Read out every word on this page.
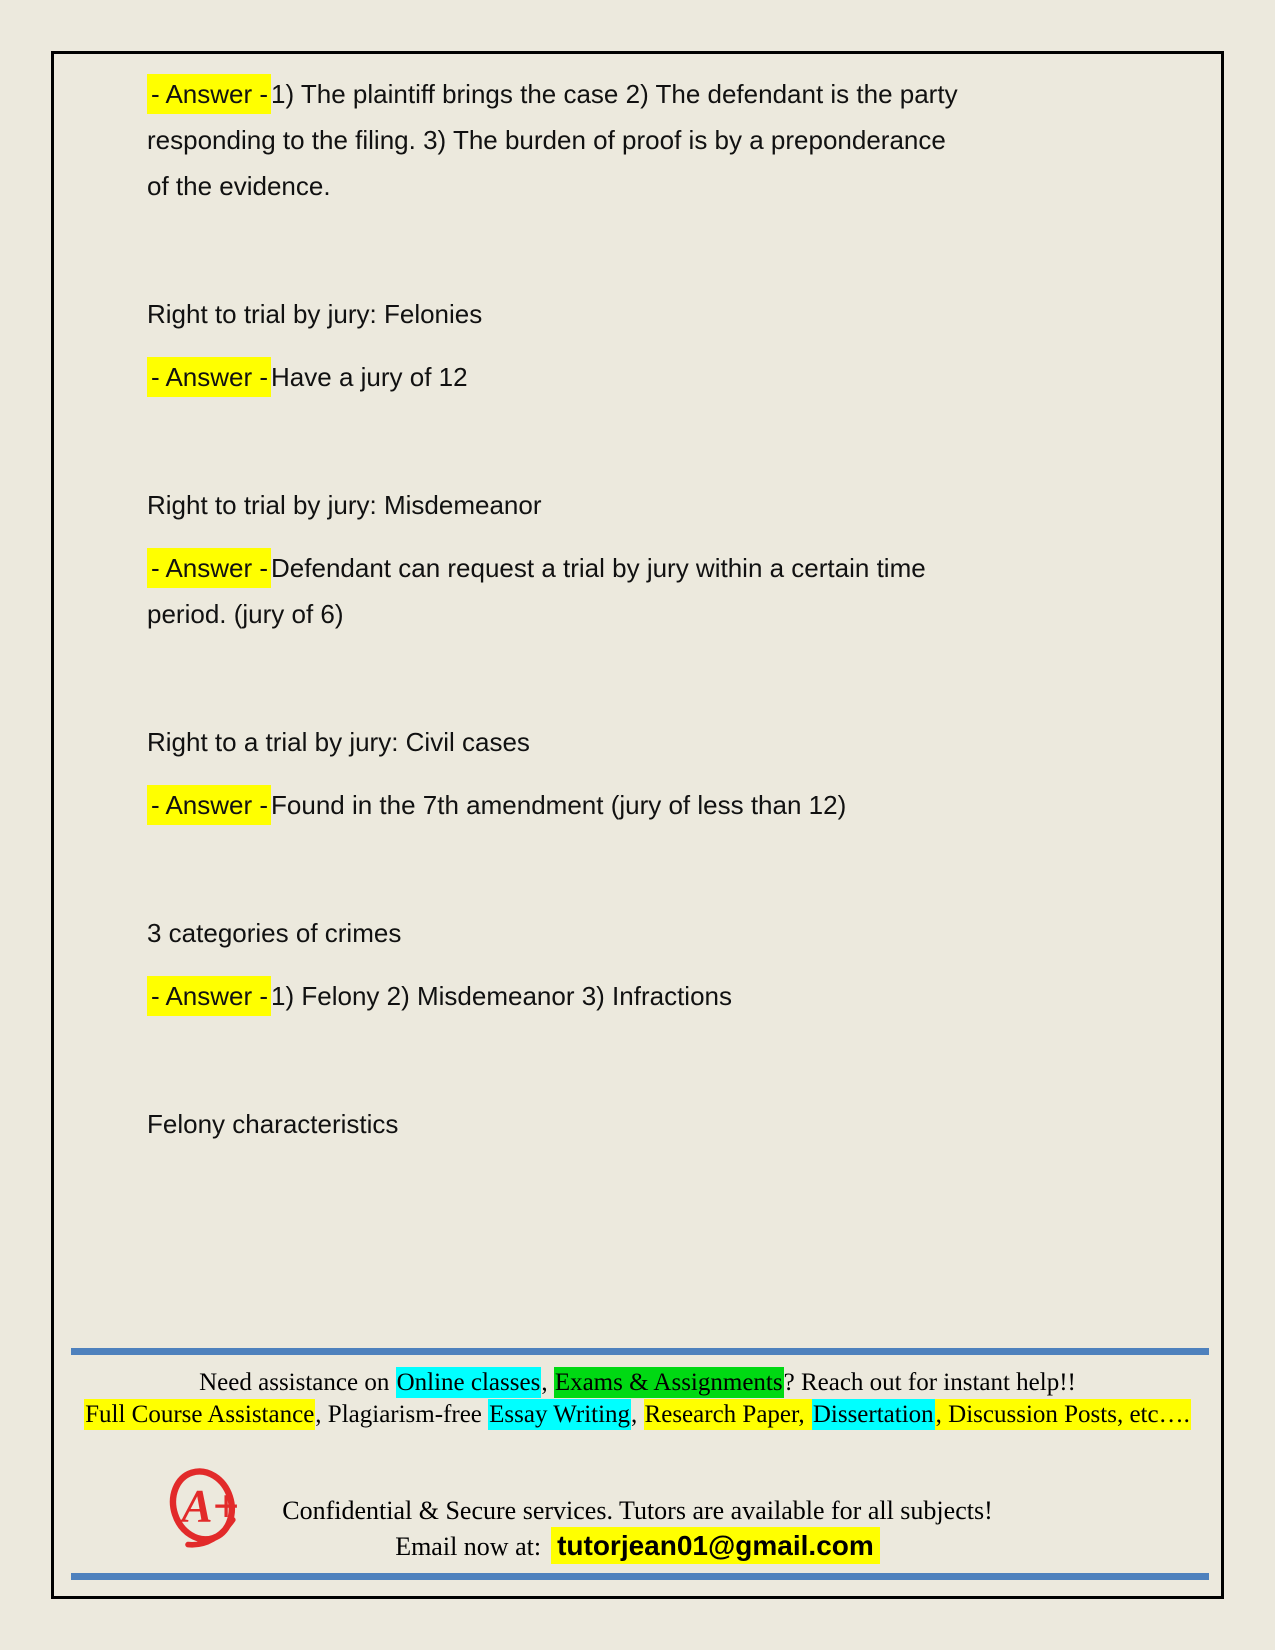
- Answer - 1) The plaintiff brings the case 2) The defendant is the party
responding to the filing. 3) The burden of proof is by a preponderance
of the evidence.

Right to trial by jury: Felonies

- Answer - Have a jury of 12

Right to trial by jury: Misdemeanor

- Answer - Defendant can request a trial by jury within a certain time
period. (jury of 6)

Right to a trial by jury: Civil cases

- Answer - Found in the 7th amendment (jury of less than 12)

3 categories of crimes

- Answer - 1) Felony 2) Misdemeanor 3) Infractions

Felony characteristics

Need assistance on Online classes, Exams & Assignments? Reach out for instant help!!
Full Course Assistance, Plagiarism-free Essay Writing, Research Paper, Dissertation, Discussion Posts, etc….
A+	Confidential & Secure services. Tutors are available for all subjects!
Email now at: tutorjean01@gmail.com
